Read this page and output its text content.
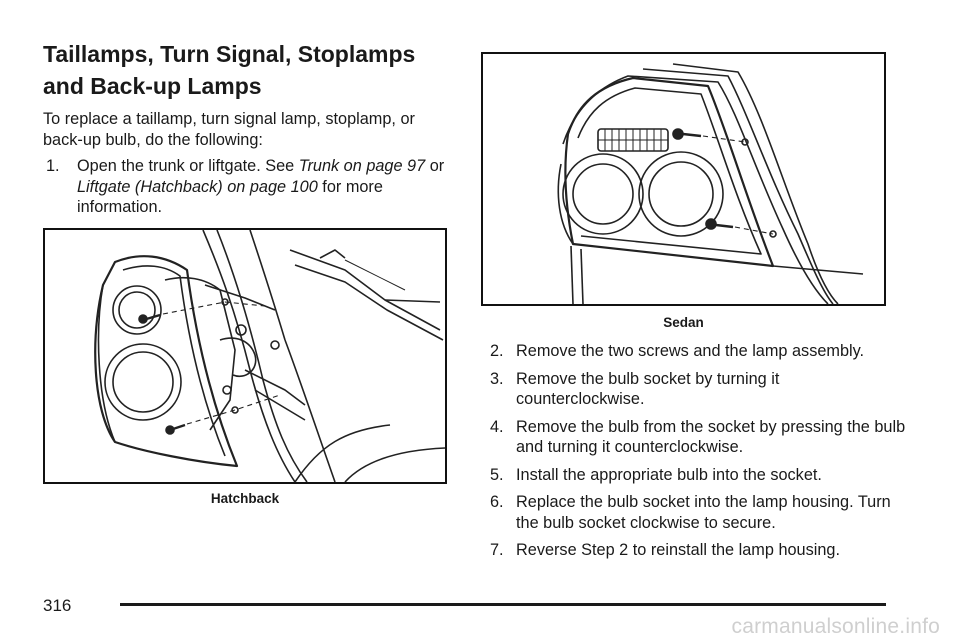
Taillamps, Turn Signal, Stoplamps
and Back-up Lamps
To replace a taillamp, turn signal lamp, stoplamp, or back-up bulb, do the following:
1. Open the trunk or liftgate. See Trunk on page 97 or Liftgate (Hatchback) on page 100 for more information.
Hatchback
Sedan
2. Remove the two screws and the lamp assembly.
3. Remove the bulb socket by turning it counterclockwise.
4. Remove the bulb from the socket by pressing the bulb and turning it counterclockwise.
5. Install the appropriate bulb into the socket.
6. Replace the bulb socket into the lamp housing. Turn the bulb socket clockwise to secure.
7. Reverse Step 2 to reinstall the lamp housing.
316
carmanualsonline.info
